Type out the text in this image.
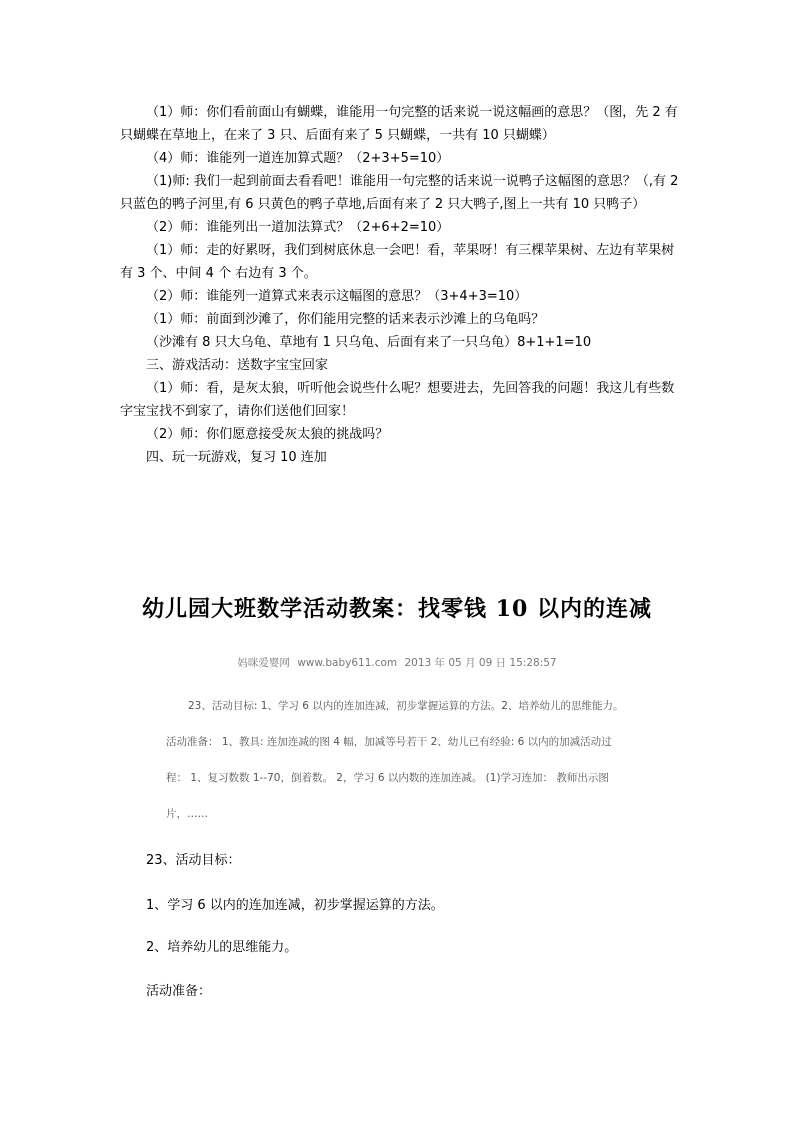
（1）师：你们看前面山有蝴蝶，谁能用一句完整的话来说一说这幅画的意思？（图，先 2 有只蝴蝶在草地上，在来了 3 只、后面有来了 5 只蝴蝶，一共有 10 只蝴蝶）

（4）师：谁能列一道连加算式题？（2+3+5=10）

（1)师: 我们一起到前面去看看吧！谁能用一句完整的话来说一说鸭子这幅图的意思？（,有 2 只蓝色的鸭子河里,有 6 只黄色的鸭子草地,后面有来了 2 只大鸭子,图上一共有 10 只鸭子）

（2）师：谁能列出一道加法算式？（2+6+2=10）

（1）师：走的好累呀，我们到树底休息一会吧！看，苹果呀！有三棵苹果树、左边有苹果树有 3 个、中间 4 个 右边有 3 个。

（2）师：谁能列一道算式来表示这幅图的意思？（3+4+3=10）

（1）师：前面到沙滩了，你们能用完整的话来表示沙滩上的乌龟吗？

（沙滩有 8 只大乌龟、草地有 1 只乌龟、后面有来了一只乌龟）8+1+1=10

三、游戏活动：送数字宝宝回家

（1）师：看，是灰太狼，听听他会说些什么呢？想要进去，先回答我的问题！我这儿有些数字宝宝找不到家了，请你们送他们回家！

（2）师：你们愿意接受灰太狼的挑战吗？

四、玩一玩游戏，复习 10 连加

幼儿园大班数学活动教案：找零钱 10 以内的连减
妈咪爱婴网 www.baby611.com 2013 年 05 月 09 日 15:28:57

23、活动目标: 1、学习 6 以内的连加连减，初步掌握运算的方法。2、培养幼儿的思维能力。

活动准备： 1、教具: 连加连减的图 4 幅，加减等号若干 2、幼儿已有经验: 6 以内的加减活动过

程： 1、复习数数 1--70，倒着数。 2，学习 6 以内数的连加连减。 (1)学习连加： 教师出示图

片，……

23、活动目标：
1、学习 6 以内的连加连减，初步掌握运算的方法。
2、培养幼儿的思维能力。
活动准备：
